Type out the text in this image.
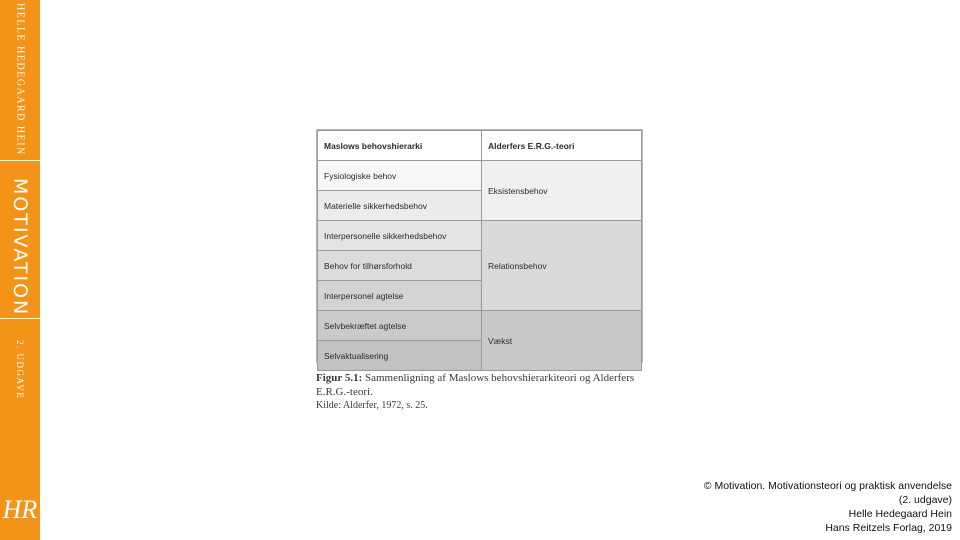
HELLE HEDEGAARD HEIN
MOTIVATION
2. UDGAVE
HR
Maslows behovshierarki	Alderfers E.R.G.-teori
Fysiologiske behov	Eksistensbehov
Materielle sikkerhedsbehov	
Interpersonelle sikkerhedsbehov	Relationsbehov
Behov for tilhørsforhold	
Interpersonel agtelse	
Selvbekræftet agtelse	Vækst
Selvaktualisering	
Figur 5.1: Sammenligning af Maslows behovshierarkiteori og Alderfers E.R.G.-teori.
Kilde: Alderfer, 1972, s. 25.
© Motivation. Motivationsteori og praktisk anvendelse
(2. udgave)
Helle Hedegaard Hein
Hans Reitzels Forlag, 2019
